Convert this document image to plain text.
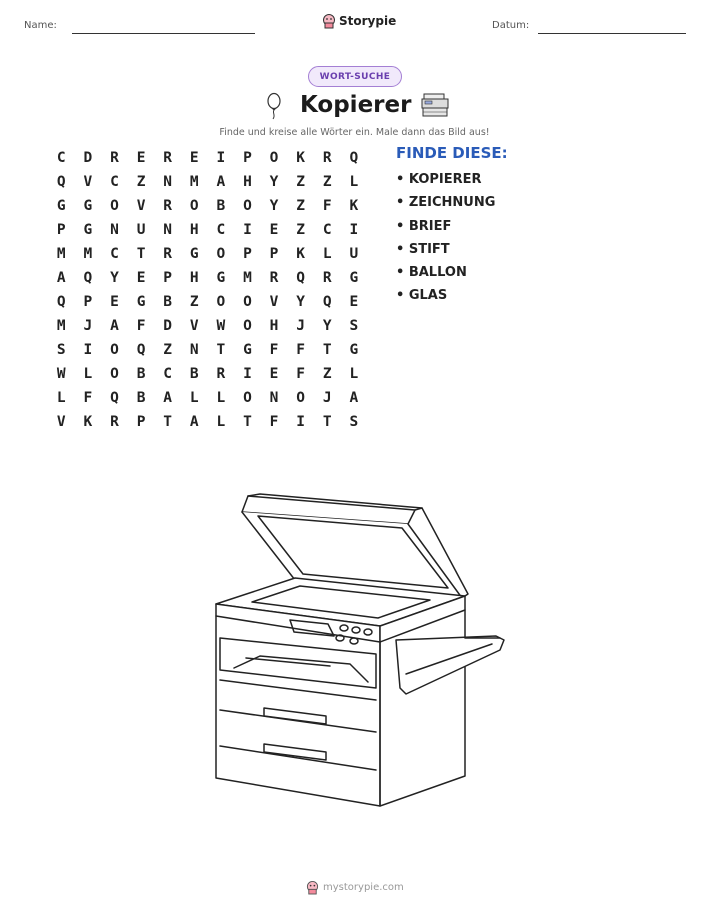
Name:	Storypie	Datum:
WORT-SUCHE
Kopierer
Finde und kreise alle Wörter ein. Male dann das Bild aus!
C	D	R	E	R	E	I	P	O	K	R	Q
Q	V	C	Z	N	M	A	H	Y	Z	Z	L
G	G	O	V	R	O	B	O	Y	Z	F	K
P	G	N	U	N	H	C	I	E	Z	C	I
M	M	C	T	R	G	O	P	P	K	L	U
A	Q	Y	E	P	H	G	M	R	Q	R	G
Q	P	E	G	B	Z	O	O	V	Y	Q	E
M	J	A	F	D	V	W	O	H	J	Y	S
S	I	O	Q	Z	N	T	G	F	F	T	G
W	L	O	B	C	B	R	I	E	F	Z	L
L	F	Q	B	A	L	L	O	N	O	J	A
V	K	R	P	T	A	L	T	F	I	T	S
FINDE DIESE:
• KOPIERER
• ZEICHNUNG
• BRIEF
• STIFT
• BALLON
• GLAS
mystorypie.com
